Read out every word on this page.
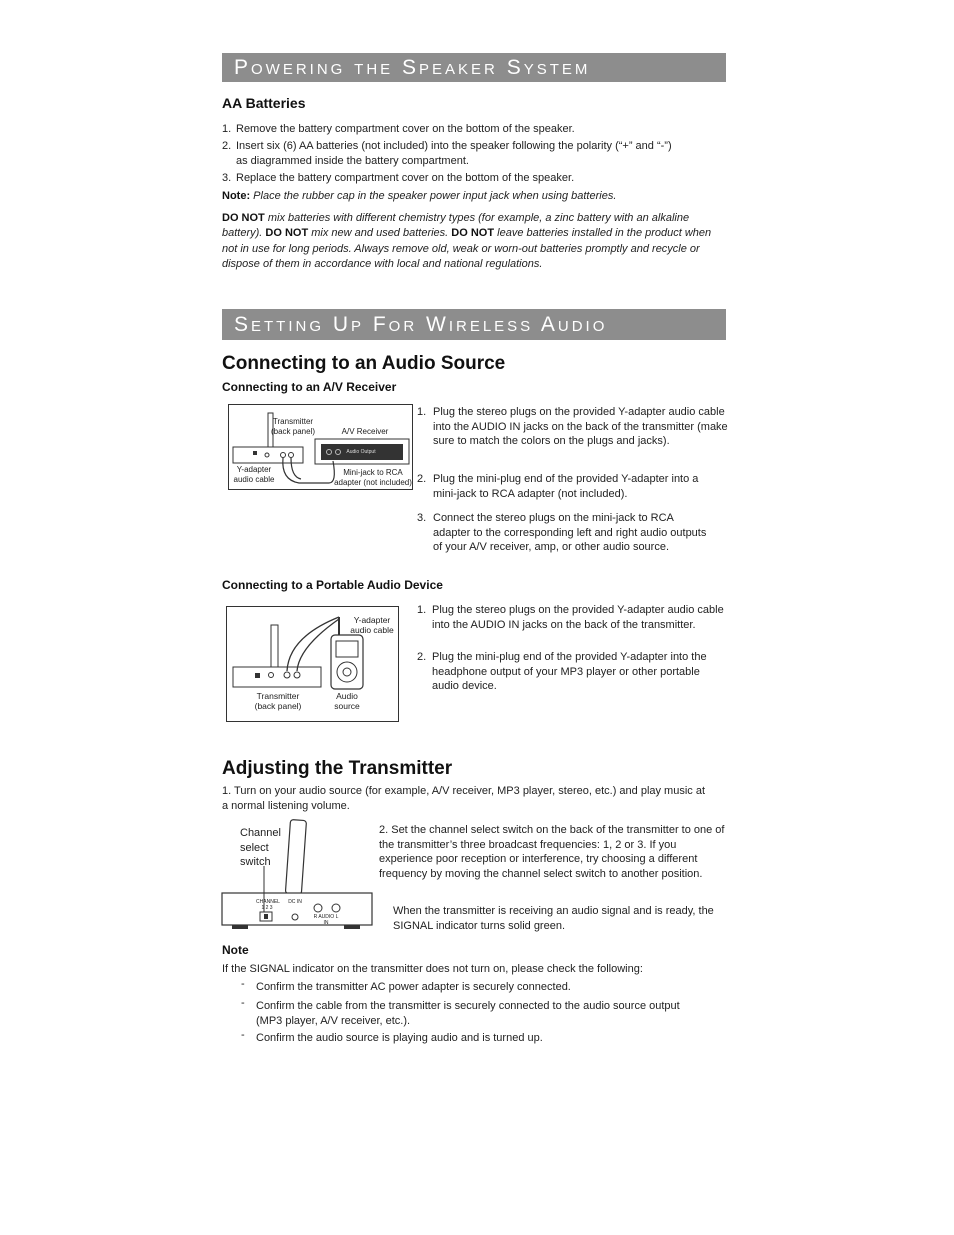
Powering the Speaker System
AA Batteries
1. Remove the battery compartment cover on the bottom of the speaker.
2. Insert six (6) AA batteries (not included) into the speaker following the polarity (“+” and “-”) as diagrammed inside the battery compartment.
3. Replace the battery compartment cover on the bottom of the speaker.
Note: Place the rubber cap in the speaker power input jack when using batteries.
DO NOT mix batteries with different chemistry types (for example, a zinc battery with an alkaline battery). DO NOT mix new and used batteries. DO NOT leave batteries installed in the product when not in use for long periods. Always remove old, weak or worn-out batteries promptly and recycle or dispose of them in accordance with local and national regulations.
Setting Up For Wireless Audio
Connecting to an Audio Source
Connecting to an A/V Receiver
Transmitter (back panel)	A/V Receiver
Audio Output
Y-adapter audio cable
Mini-jack to RCA adapter (not included)
1. Plug the stereo plugs on the provided Y-adapter audio cable into the AUDIO IN jacks on the back of the transmitter (make sure to match the colors on the plugs and jacks).
2. Plug the mini-plug end of the provided Y-adapter into a mini-jack to RCA adapter (not included).
3. Connect the stereo plugs on the mini-jack to RCA adapter to the corresponding left and right audio outputs of your A/V receiver, amp, or other audio source.
Connecting to a Portable Audio Device
Y-adapter audio cable
Transmitter (back panel)
Audio source
1. Plug the stereo plugs on the provided Y-adapter audio cable into the AUDIO IN jacks on the back of the transmitter.
2. Plug the mini-plug end of the provided Y-adapter into the headphone output of your MP3 player or other portable audio device.
Adjusting the Transmitter
1. Turn on your audio source (for example, A/V receiver, MP3 player, stereo, etc.) and play music at a normal listening volume.
CHANNEL
1 2 3
DC IN
R AUDIO L
IN
Channel select switch
2. Set the channel select switch on the back of the transmitter to one of the transmitter’s three broadcast frequencies: 1, 2 or 3. If you experience poor reception or interference, try choosing a different frequency by moving the channel select switch to another position.
When the transmitter is receiving an audio signal and is ready, the SIGNAL indicator turns solid green.
Note
If the SIGNAL indicator on the transmitter does not turn on, please check the following:
- Confirm the transmitter AC power adapter is securely connected.
- Confirm the cable from the transmitter is securely connected to the audio source output (MP3 player, A/V receiver, etc.).
- Confirm the audio source is playing audio and is turned up.
